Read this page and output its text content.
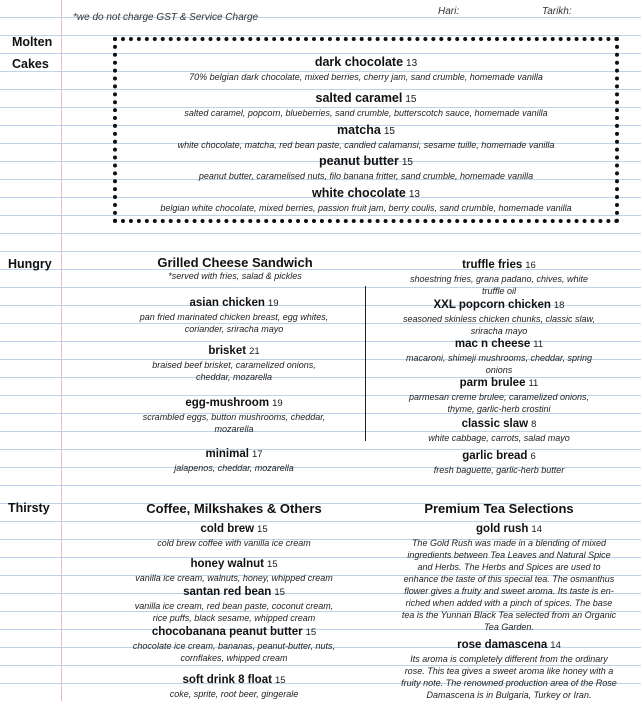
*we do not charge GST & Service Charge
Hari:	Tarikh:
Molten
Cakes	dark chocolate 13
70% belgian dark chocolate, mixed berries, cherry jam, sand crumble, homemade vanilla
salted caramel 15
salted caramel, popcorn, blueberries, sand crumble, butterscotch sauce, homemade vanilla
matcha 15
white chocolate, matcha, red bean paste, candied calamansi, sesame tuille, homemade vanilla
peanut butter 15
peanut butter, caramelised nuts, filo banana fritter, sand crumble, homemade vanilla
white chocolate 13
belgian white chocolate, mixed berries, passion fruit jam, berry coulis, sand crumble, homemade vanilla
Hungry	Grilled Cheese Sandwich
*served with fries, salad & pickles
asian chicken 19
pan fried marinated chicken breast, egg whites,
coriander, sriracha mayo
brisket 21
braised beef brisket, caramelized onions,
cheddar, mozarella
egg-mushroom 19
scrambled eggs, button mushrooms, cheddar,
mozarella
minimal 17
jalapenos, cheddar, mozarella
truffle fries 16
shoestring fries, grana padano, chives, white
truffle oil
XXL popcorn chicken 18
seasoned skinless chicken chunks, classic slaw,
sriracha mayo
mac n cheese 11
macaroni, shimeji mushrooms, cheddar, spring
onions
parm brulee 11
parmesan creme brulee, caramelized onions,
thyme, garlic-herb crostini
classic slaw 8
white cabbage, carrots, salad mayo
garlic bread 6
fresh baguette, garlic-herb butter
Thirsty	Coffee, Milkshakes & Others	Premium Tea Selections
cold brew 15
cold brew coffee with vanilla ice cream
honey walnut 15
vanilla ice cream, walnuts, honey, whipped cream
santan red bean 15
vanilla ice cream, red bean paste, coconut cream,
rice puffs, black sesame, whipped cream
chocobanana peanut butter 15
chocolate ice cream, bananas, peanut-butter, nuts,
cornflakes, whipped cream
soft drink 8 float 15
coke, sprite, root beer, gingerale
gold rush 14
The Gold Rush was made in a blending of mixed
ingredients between Tea Leaves and Natural Spice
and Herbs. The Herbs and Spices are used to
enhance the taste of this special tea. The osmanthus
flower gives a fruity and sweet aroma. Its taste is en-
riched when added with a pinch of spices. The base
tea is the Yunnan Black Tea selected from an Organic
Tea Garden.
rose damascena 14
Its aroma is completely different from the ordinary
rose. This tea gives a sweet aroma like honey with a
fruity note. The renowned production area of the Rose
Damascena is in Bulgaria, Turkey or Iran.
